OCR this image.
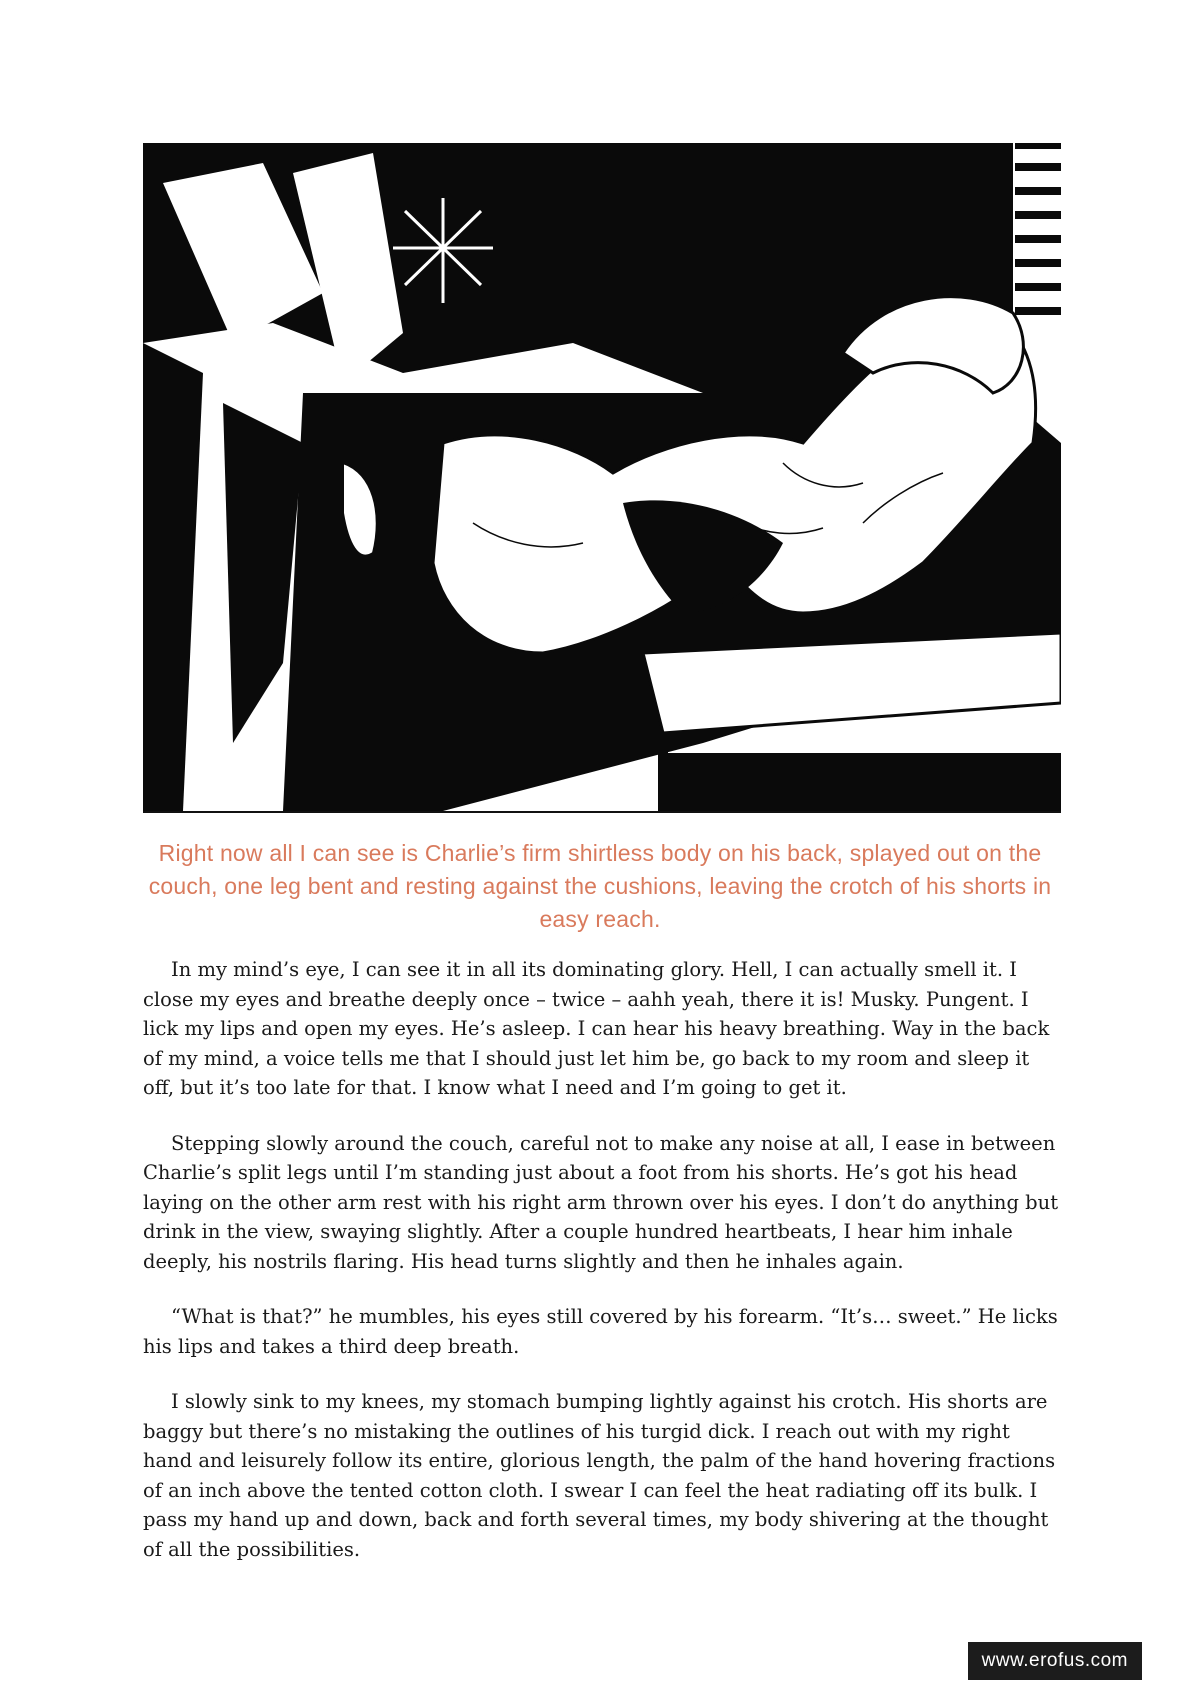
Right now all I can see is Charlie’s firm shirtless body on his back, splayed out on the couch, one leg bent and resting against the cushions, leaving the crotch of his shorts in easy reach.

In my mind’s eye, I can see it in all its dominating glory. Hell, I can actually smell it. I close my eyes and breathe deeply once – twice – aahh yeah, there it is! Musky. Pungent. I lick my lips and open my eyes. He’s asleep. I can hear his heavy breathing. Way in the back of my mind, a voice tells me that I should just let him be, go back to my room and sleep it off, but it’s too late for that. I know what I need and I’m going to get it.

Stepping slowly around the couch, careful not to make any noise at all, I ease in between Charlie’s split legs until I’m standing just about a foot from his shorts. He’s got his head laying on the other arm rest with his right arm thrown over his eyes. I don’t do anything but drink in the view, swaying slightly. After a couple hundred heartbeats, I hear him inhale deeply, his nostrils flaring. His head turns slightly and then he inhales again.

“What is that?” he mumbles, his eyes still covered by his forearm. “It’s… sweet.” He licks his lips and takes a third deep breath.

I slowly sink to my knees, my stomach bumping lightly against his crotch. His shorts are baggy but there’s no mistaking the outlines of his turgid dick. I reach out with my right hand and leisurely follow its entire, glorious length, the palm of the hand hovering fractions of an inch above the tented cotton cloth. I swear I can feel the heat radiating off its bulk. I pass my hand up and down, back and forth several times, my body shivering at the thought of all the possibilities.

www.erofus.com
